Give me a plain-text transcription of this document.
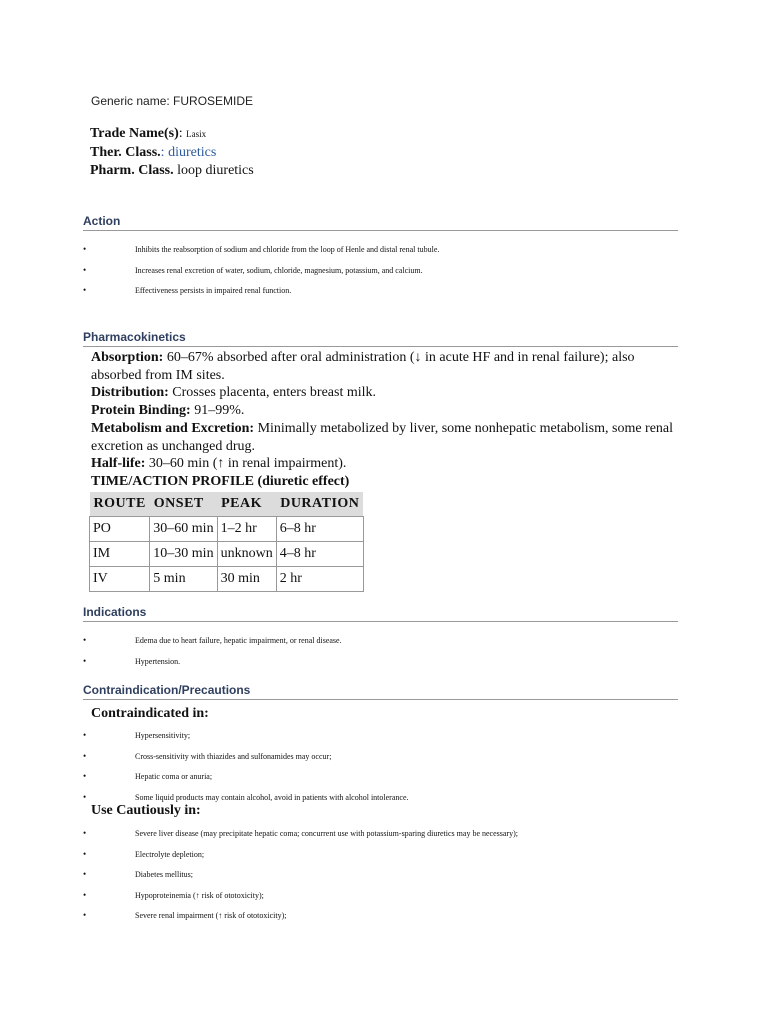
Generic name: FUROSEMIDE
Trade Name(s): Lasix
Ther. Class.: diuretics
Pharm. Class. loop diuretics
Action
• Inhibits the reabsorption of sodium and chloride from the loop of Henle and distal renal tubule.
• Increases renal excretion of water, sodium, chloride, magnesium, potassium, and calcium.
• Effectiveness persists in impaired renal function.
Pharmacokinetics

Absorption: 60–67% absorbed after oral administration (↓ in acute HF and in renal failure); also absorbed from IM sites.

Distribution: Crosses placenta, enters breast milk.

Protein Binding: 91–99%.

Metabolism and Excretion: Minimally metabolized by liver, some nonhepatic metabolism, some renal excretion as unchanged drug.

Half-life: 30–60 min (↑ in renal impairment).

TIME/ACTION PROFILE (diuretic effect)

ROUTE	ONSET	PEAK	DURATION
PO	30–60 min	1–2 hr	6–8 hr
IM	10–30 min	unknown	4–8 hr
IV	5 min	30 min	2 hr
Indications
• Edema due to heart failure, hepatic impairment, or renal disease.
• Hypertension.
Contraindication/Precautions
Contraindicated in:
• Hypersensitivity;
• Cross-sensitivity with thiazides and sulfonamides may occur;
• Hepatic coma or anuria;
• Some liquid products may contain alcohol, avoid in patients with alcohol intolerance.
Use Cautiously in:
• Severe liver disease (may precipitate hepatic coma; concurrent use with potassium-sparing diuretics may be necessary);
• Electrolyte depletion;
• Diabetes mellitus;
• Hypoproteinemia (↑ risk of ototoxicity);
• Severe renal impairment (↑ risk of ototoxicity);
